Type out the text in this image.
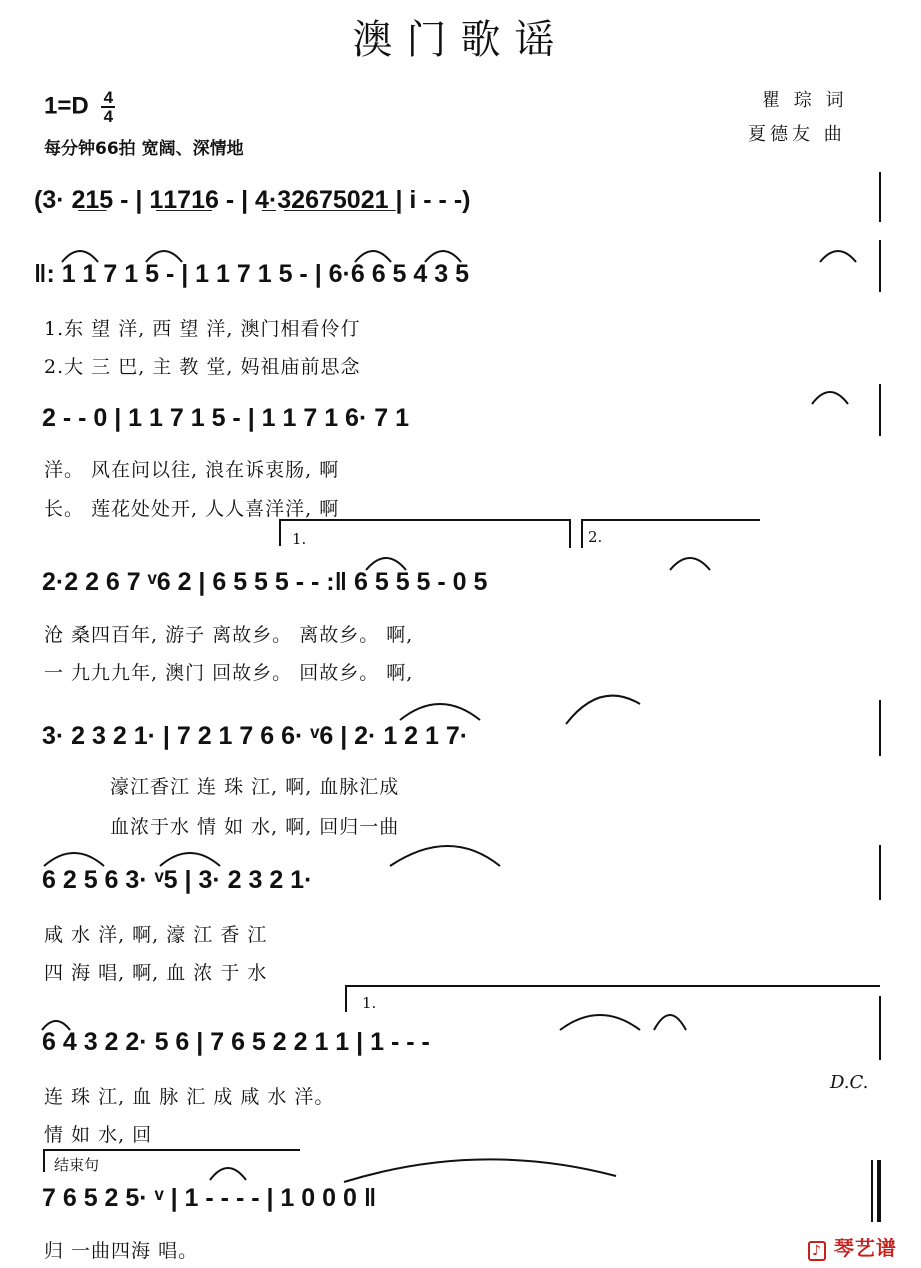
澳门歌谣
$1=D \frac{4}{4}$
每分钟66拍 宽阔、深情地
瞿 琮 词
夏德友 曲
(3· 2̲1̲5 - | 1̲1̲7̲1̲6 - | 4̲·3̲2̲6̲7̲5̲0̲2̲1̲ | i - - -)
‖: 1 1 7 1 5 - | 1 1 7 1 5 - | 6·6 6 5 4 3 5
1.东 望 洋, 西 望 洋, 澳门相看伶仃
2.大 三 巴, 主 教 堂, 妈祖庙前思念
2 - - 0 | 1 1 7 1 5 - | 1 1 7 1 6· 7 1
洋。 风在问以往, 浪在诉衷肠, 啊
长。 莲花处处开, 人人喜洋洋, 啊
1.	2.
2·2 2 6 7 ᵛ6 2 | 6 5 5 5 - - :‖ 6 5 5 5 - 0 5
沧 桑四百年, 游子 离故乡。 离故乡。 啊,
一 九九九年, 澳门 回故乡。 回故乡。 啊,
3· 2 3 2 1· | 7 2 1 7 6 6· ᵛ6 | 2· 1 2 1 7·
濠江香江 连 珠 江, 啊, 血脉汇成
血浓于水 情 如 水, 啊, 回归一曲
6 2 5 6 3· ᵛ5 | 3· 2 3 2 1·
咸 水 洋, 啊, 濠 江 香 江
四 海 唱, 啊, 血 浓 于 水
1.
6 4 3 2 2· 5 6 | 7 6 5 2 2 1 1 | 1 - - -
连 珠 江, 血 脉 汇 成 咸 水 洋。
情 如 水, 回
D.C.
结束句
7 6 5 2 5· ᵛ | 1 - - - - | 1 0 0 0 ‖
归 一曲四海 唱。	♪ 琴艺谱
